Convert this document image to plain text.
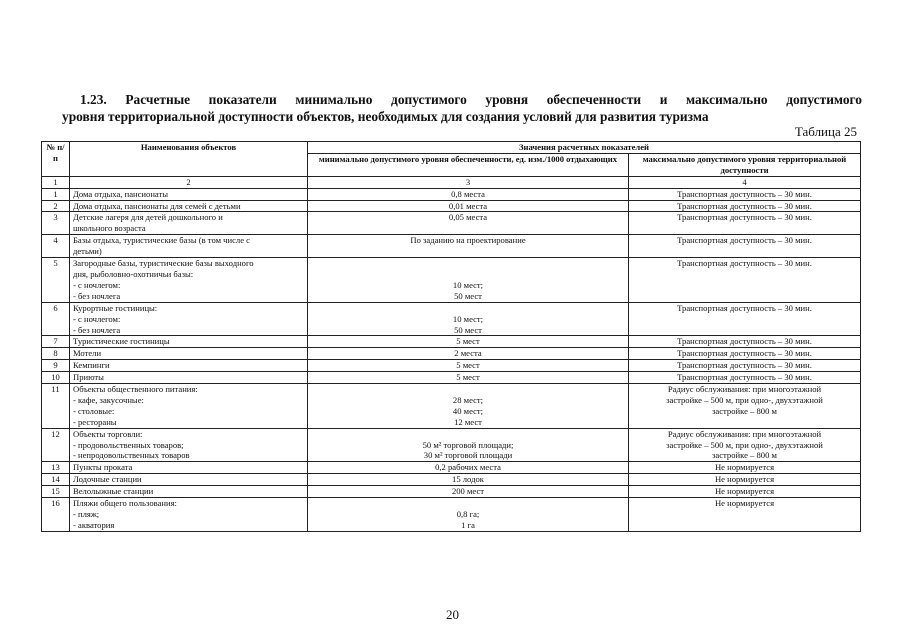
1.23. Расчетные показатели минимально допустимого уровня обеспеченности и максимально допустимого
уровня территориальной доступности объектов, необходимых для создания условий для развития туризма
Таблица 25
№ п/п	Наименования объектов	Значения расчетных показателей	
		минимально допустимого уровня обеспеченности, ед. изм./1000 отдыхающих	максимально допустимого уровня территориальной доступности
1	2	3	4
1	Дома отдыха, пансионаты	0,8 места	Транспортная доступность – 30 мин.

2	Дома отдыха, пансионаты для семей с детьми	0,01 места	Транспортная доступность – 30 мин.

3	Детские лагеря для детей дошкольного и
школьного возраста	0,05 места	Транспортная доступность – 30 мин.

4	Базы отдыха, туристические базы (в том числе с
детьми)	По заданию на проектирование	Транспортная доступность – 30 мин.

5	Загородные базы, туристические базы выходного
дня, рыболовно-охотничьи базы:
- с ночлегом:
- без ночлега	10 мест;
50 мест	Транспортная доступность – 30 мин.

6	Курортные гостиницы:
- с ночлегом:
- без ночлега	10 мест;
50 мест	Транспортная доступность – 30 мин.

7	Туристические гостиницы	5 мест	Транспортная доступность – 30 мин.

8	Мотели	2 места	Транспортная доступность – 30 мин.

9	Кемпинги	5 мест	Транспортная доступность – 30 мин.

10	Приюты	5 мест	Транспортная доступность – 30 мин.

11	Объекты общественного питания:
- кафе, закусочные:
- столовые:
- рестораны	28 мест;
40 мест;
12 мест	Радиус обслуживания: при многоэтажной
застройке – 500 м, при одно-, двухэтажной
застройке – 800 м

12	Объекты торговли:
- продовольственных товаров;
- непродовольственных товаров	50 м² торговой площади;
30 м² торговой площади	Радиус обслуживания: при многоэтажной
застройке – 500 м, при одно-, двухэтажной
застройке – 800 м

13	Пункты проката	0,2 рабочих места	Не нормируется

14	Лодочные станции	15 лодок	Не нормируется

15	Велолыжные станции	200 мест	Не нормируется

16	Пляжи общего пользования:
- пляж;
- акватория	0,8 га;
1 га	Не нормируется
20
